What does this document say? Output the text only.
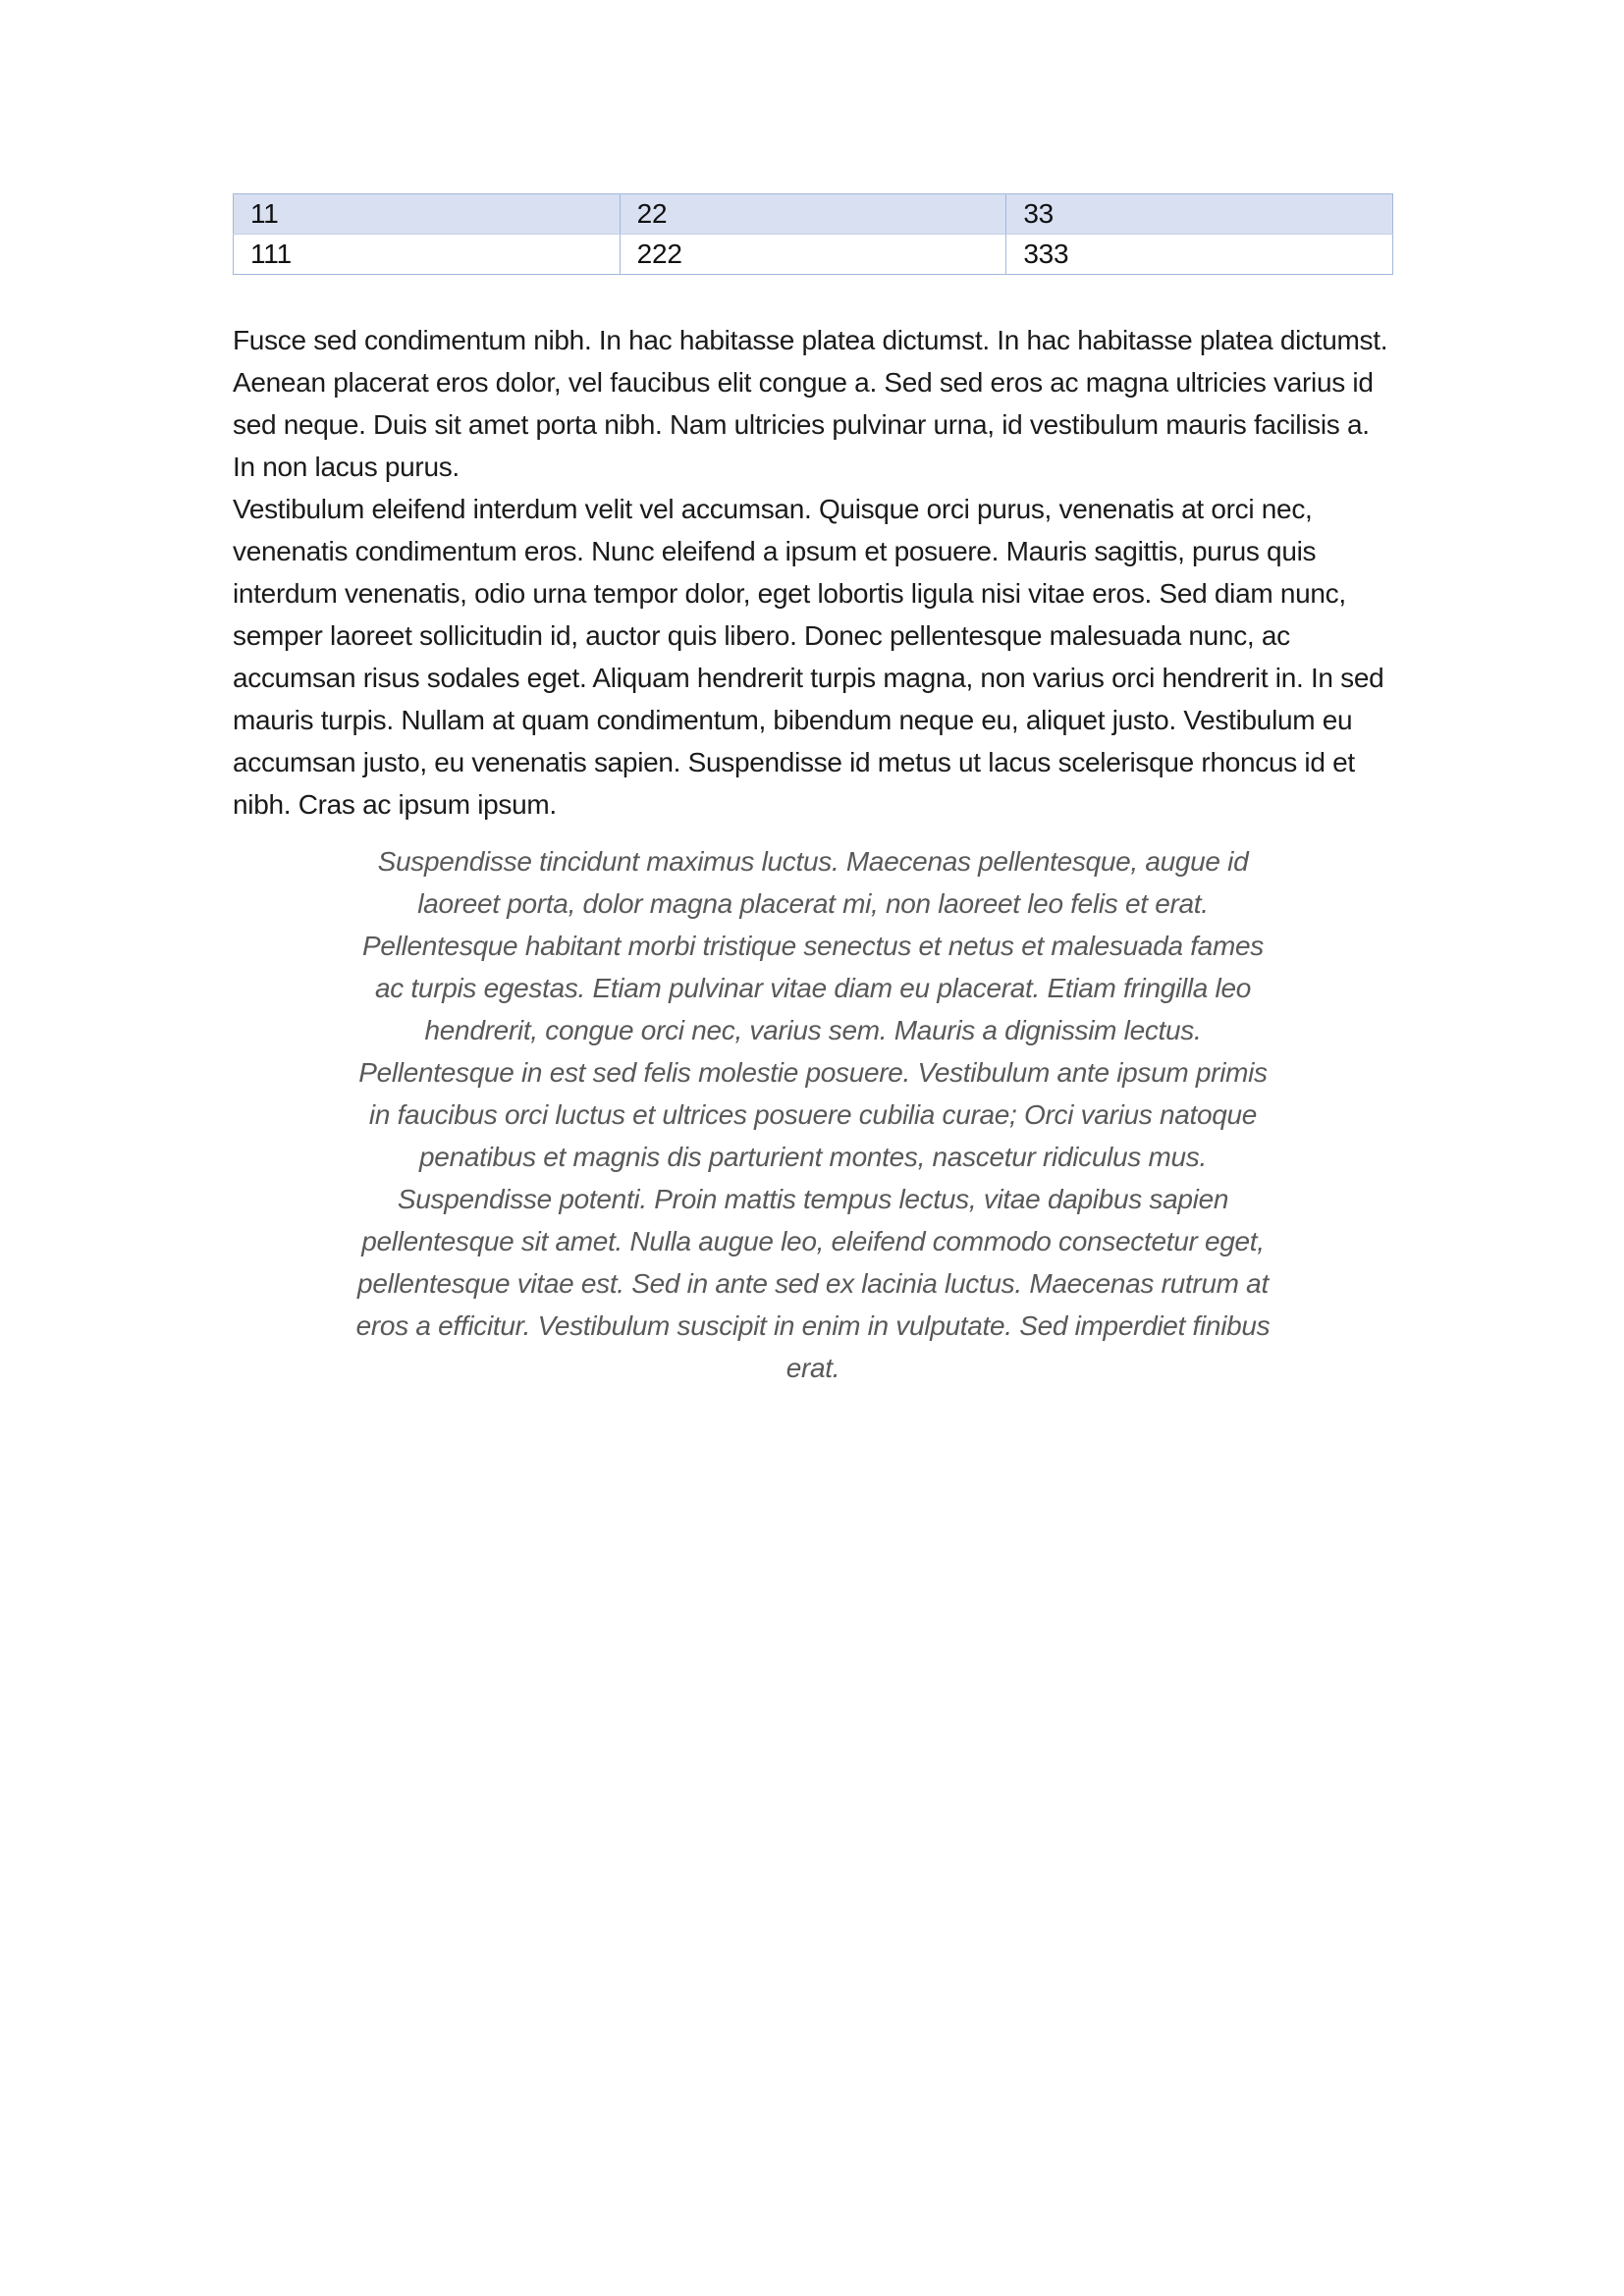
11	22	33
111	222	333

Fusce sed condimentum nibh. In hac habitasse platea dictumst. In hac habitasse platea dictumst. Aenean placerat eros dolor, vel faucibus elit congue a. Sed sed eros ac magna ultricies varius id sed neque. Duis sit amet porta nibh. Nam ultricies pulvinar urna, id vestibulum mauris facilisis a. In non lacus purus.

Vestibulum eleifend interdum velit vel accumsan. Quisque orci purus, venenatis at orci nec, venenatis condimentum eros. Nunc eleifend a ipsum et posuere. Mauris sagittis, purus quis interdum venenatis, odio urna tempor dolor, eget lobortis ligula nisi vitae eros. Sed diam nunc, semper laoreet sollicitudin id, auctor quis libero. Donec pellentesque malesuada nunc, ac accumsan risus sodales eget. Aliquam hendrerit turpis magna, non varius orci hendrerit in. In sed mauris turpis. Nullam at quam condimentum, bibendum neque eu, aliquet justo. Vestibulum eu accumsan justo, eu venenatis sapien. Suspendisse id metus ut lacus scelerisque rhoncus id et nibh. Cras ac ipsum ipsum.

Suspendisse tincidunt maximus luctus. Maecenas pellentesque, augue id laoreet porta, dolor magna placerat mi, non laoreet leo felis et erat. Pellentesque habitant morbi tristique senectus et netus et malesuada fames ac turpis egestas. Etiam pulvinar vitae diam eu placerat. Etiam fringilla leo hendrerit, congue orci nec, varius sem. Mauris a dignissim lectus. Pellentesque in est sed felis molestie posuere. Vestibulum ante ipsum primis in faucibus orci luctus et ultrices posuere cubilia curae; Orci varius natoque penatibus et magnis dis parturient montes, nascetur ridiculus mus. Suspendisse potenti. Proin mattis tempus lectus, vitae dapibus sapien pellentesque sit amet. Nulla augue leo, eleifend commodo consectetur eget, pellentesque vitae est. Sed in ante sed ex lacinia luctus. Maecenas rutrum at eros a efficitur. Vestibulum suscipit in enim in vulputate. Sed imperdiet finibus erat.
